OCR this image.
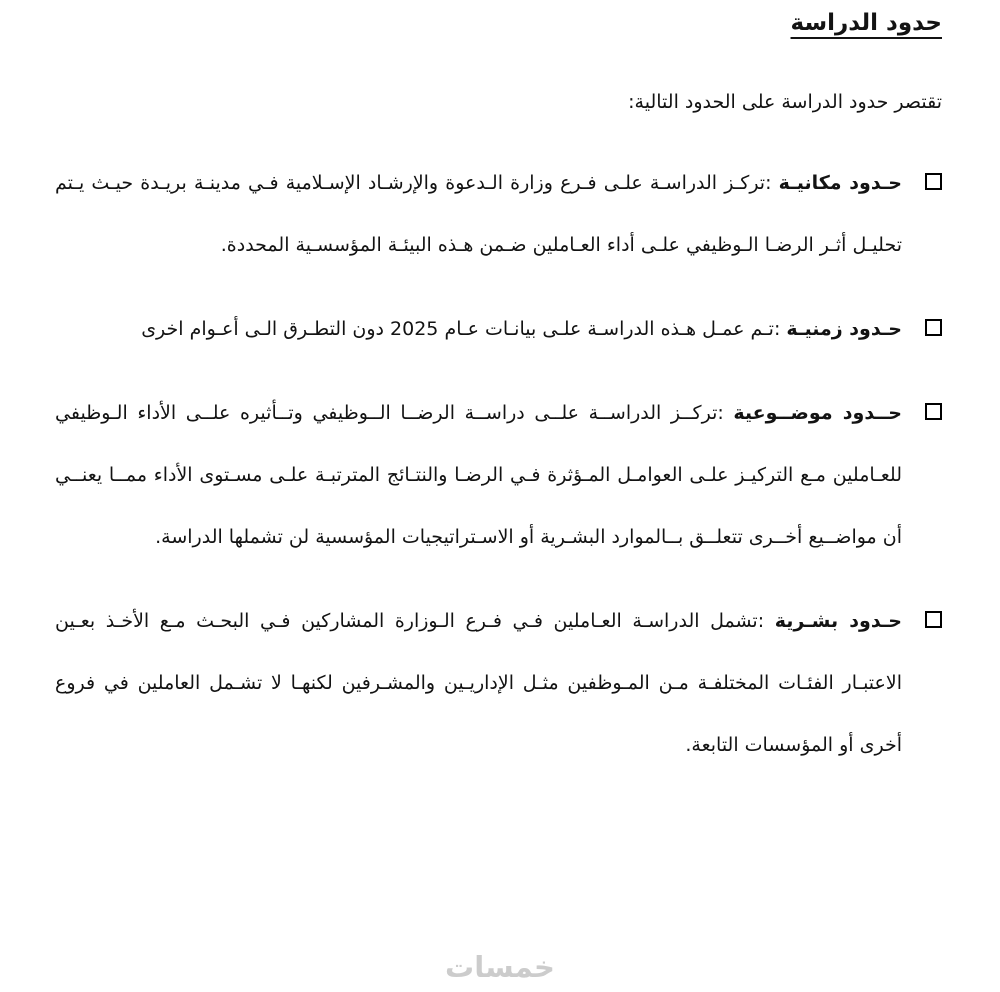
حدود الدراسة

تقتصر حدود الدراسة على الحدود التالية:

حـدود مكانيـة :تركـز الدراسـة علـى فـرع وزارة الـدعوة والإرشـاد الإسـلامية فـي مدينـة بريـدة حيـث يـتم تحليـل أثـر الرضـا الـوظيفي علـى أداء العـاملين ضـمن هـذه البيئـة المؤسسـية المحددة.

حـدود زمنيـة :تـم عمـل هـذه الدراسـة علـى بيانـات عـام 2025 دون التطـرق الـى أعـوام اخرى

حــدود موضــوعية :تركــز الدراســة علــى دراســة الرضــا الــوظيفي وتــأثيره علــى الأداء الـوظيفي للعـاملين مـع التركيـز علـى العوامـل المـؤثرة فـي الرضـا والنتـائج المترتبـة علـى مسـتوى الأداء ممــا يعنــي أن مواضــيع أخــرى تتعلــق بــالموارد البشـرية أو الاسـتراتيجيات المؤسسية لن تشملها الدراسة.

حـدود بشـرية :تشمل الدراسـة العـاملين فـي فـرع الـوزارة المشاركين فـي البحـث مـع الأخـذ بعـين الاعتبـار الفئـات المختلفـة مـن المـوظفين مثـل الإداريـين والمشـرفين لكنهـا لا تشـمل العاملين في فروع أخرى أو المؤسسات التابعة.

خمسات
